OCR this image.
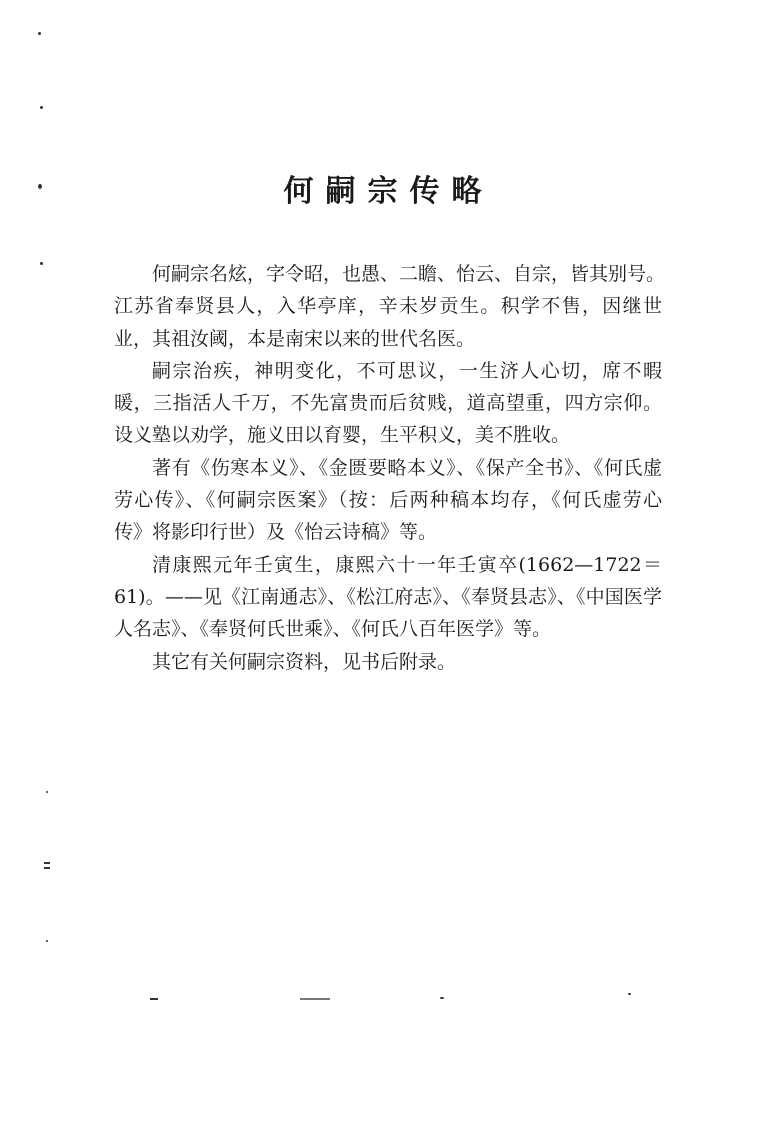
何嗣宗传略
何嗣宗名炫，字令昭，也愚、二瞻、怡云、自宗，皆其别号。
江苏省奉贤县人，入华亭庠，辛未岁贡生。积学不售，因继世
业，其祖汝阈，本是南宋以来的世代名医。
嗣宗治疾，神明变化，不可思议，一生济人心切，席不暇
暖，三指活人千万，不先富贵而后贫贱，道高望重，四方宗仰。
设义塾以劝学，施义田以育婴，生平积义，美不胜收。
著有《伤寒本义》、《金匮要略本义》、《保产全书》、《何氏虚
劳心传》、《何嗣宗医案》（按：后两种稿本均存，《何氏虚劳心
传》将影印行世）及《怡云诗稿》等。
清康熙元年壬寅生，康熙六十一年壬寅卒(1662—1722＝
61)。——见《江南通志》、《松江府志》、《奉贤县志》、《中国医学
人名志》、《奉贤何氏世乘》、《何氏八百年医学》等。
其它有关何嗣宗资料，见书后附录。
